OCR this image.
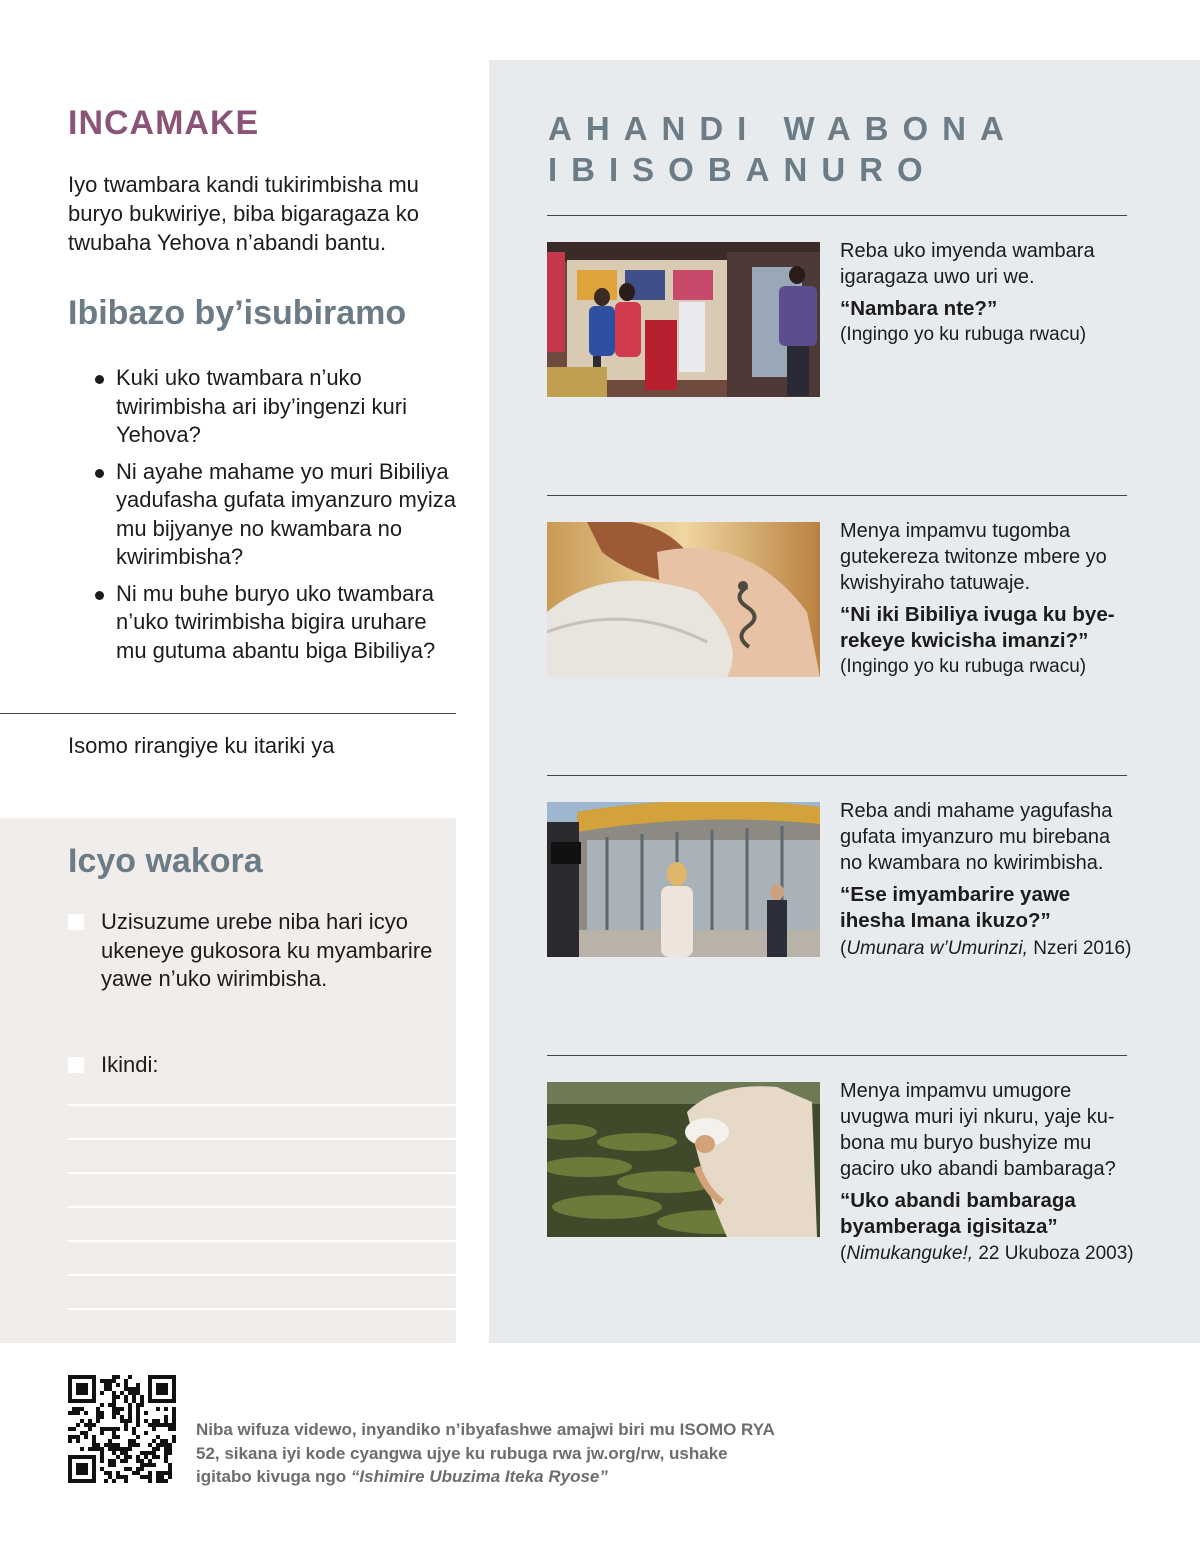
INCAMAKE

Iyo twambara kandi tukirimbisha mu buryo bukwiriye, biba bigaragaza ko twubaha Yehova n’abandi bantu.

Ibibazo by’isubiramo
Kuki uko twambara n’uko twirimbisha ari iby’ingenzi kuri Yehova?
Ni ayahe mahame yo muri Bibiliya yadufasha gufata imyanzuro myiza mu bijyanye no kwambara no kwirimbisha?
Ni mu buhe buryo uko twambara n’uko twirimbisha bigira uruhare mu gutuma abantu biga Bibiliya?

Isomo rirangiye ku itariki ya

Icyo wakora
Uzisuzume urebe niba hari icyo ukeneye gukosora ku myambarire yawe n’uko wirimbisha.
Ikindi:
AHANDI WABONA IBISOBANURO

Reba uko imyenda wambara igaragaza uwo uri we.

“Nambara nte?”

(Ingingo yo ku rubuga rwacu)

Menya impamvu tugomba gutekereza twitonze mbere yo kwishyiraho tatuwaje.

“Ni iki Bibiliya ivuga ku byerekeye kwicisha imanzi?”

(Ingingo yo ku rubuga rwacu)

Reba andi mahame yagufasha gufata imyanzuro mu birebana no kwambara no kwirimbisha.

“Ese imyambarire yawe ihesha Imana ikuzo?” (Umunara w’Umurinzi, Nzeri 2016)

Menya impamvu umugore uvugwa muri iyi nkuru, yaje kubona mu buryo bushyize mu gaciro uko abandi bambaraga?

“Uko abandi bambaraga byamberaga igisitaza”

(Nimukanguke!, 22 Ukuboza 2003)

Niba wifuza videwo, inyandiko n’ibyafashwe amajwi biri mu ISOMO RYA 52, sikana iyi kode cyangwa ujye ku rubuga rwa jw.org/rw, ushake igitabo kivuga ngo “Ishimire Ubuzima Iteka Ryose”
